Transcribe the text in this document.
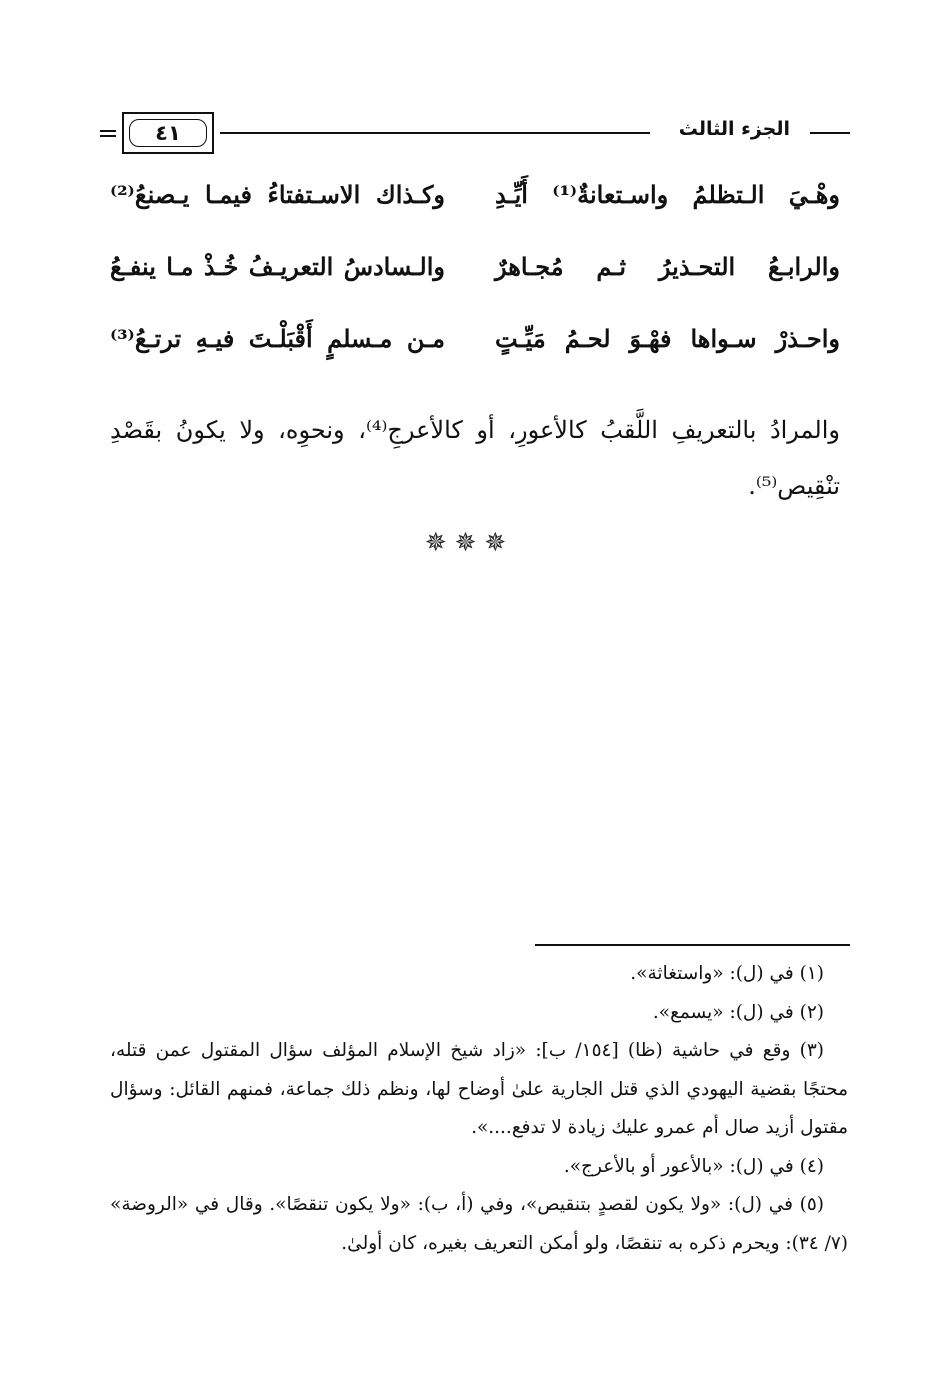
الجزء الثالث
٤١
وهْـيَ الـتظلمُ واسـتعانةٌ⁽¹⁾ أَيِّـدِ
وكـذاك الاسـتفتاءُ فيمـا يـصنعُ⁽²⁾
والرابـعُ التحـذيرُ ثـم مُجـاهرٌ
والـسادسُ التعريـفُ خُـذْ مـا ينفـعُ
واحـذرْ سـواها فهْـوَ لحـمُ مَيِّـتٍ
مـن مـسلمٍ أَقْبَلْـتَ فيـهِ ترتـعُ⁽³⁾
والمرادُ بالتعريفِ اللَّقبُ كالأعورِ، أو كالأعرجِ⁽⁴⁾، ونحوِه، ولا يكونُ بقَصْدِ تنْقِيص⁽⁵⁾.
✵✵✵

(١) في (ل): «واستغاثة».

(٢) في (ل): «يسمع».

(٣) وقع في حاشية (ظا) [١٥٤/ ب]: «زاد شيخ الإسلام المؤلف سؤال المقتول عمن قتله، محتجًا بقضية اليهودي الذي قتل الجارية علىٰ أوضاح لها، ونظم ذلك جماعة، فمنهم القائل: وسؤال مقتول أزيد صال أم عمرو عليك زيادة لا تدفع....».

(٤) في (ل): «بالأعور أو بالأعرج».

(٥) في (ل): «ولا يكون لقصدٍ بتنقيص»، وفي (أ، ب): «ولا يكون تنقصًا». وقال في «الروضة» (٧/ ٣٤): ويحرم ذكره به تنقصًا، ولو أمكن التعريف بغيره، كان أولىٰ.
